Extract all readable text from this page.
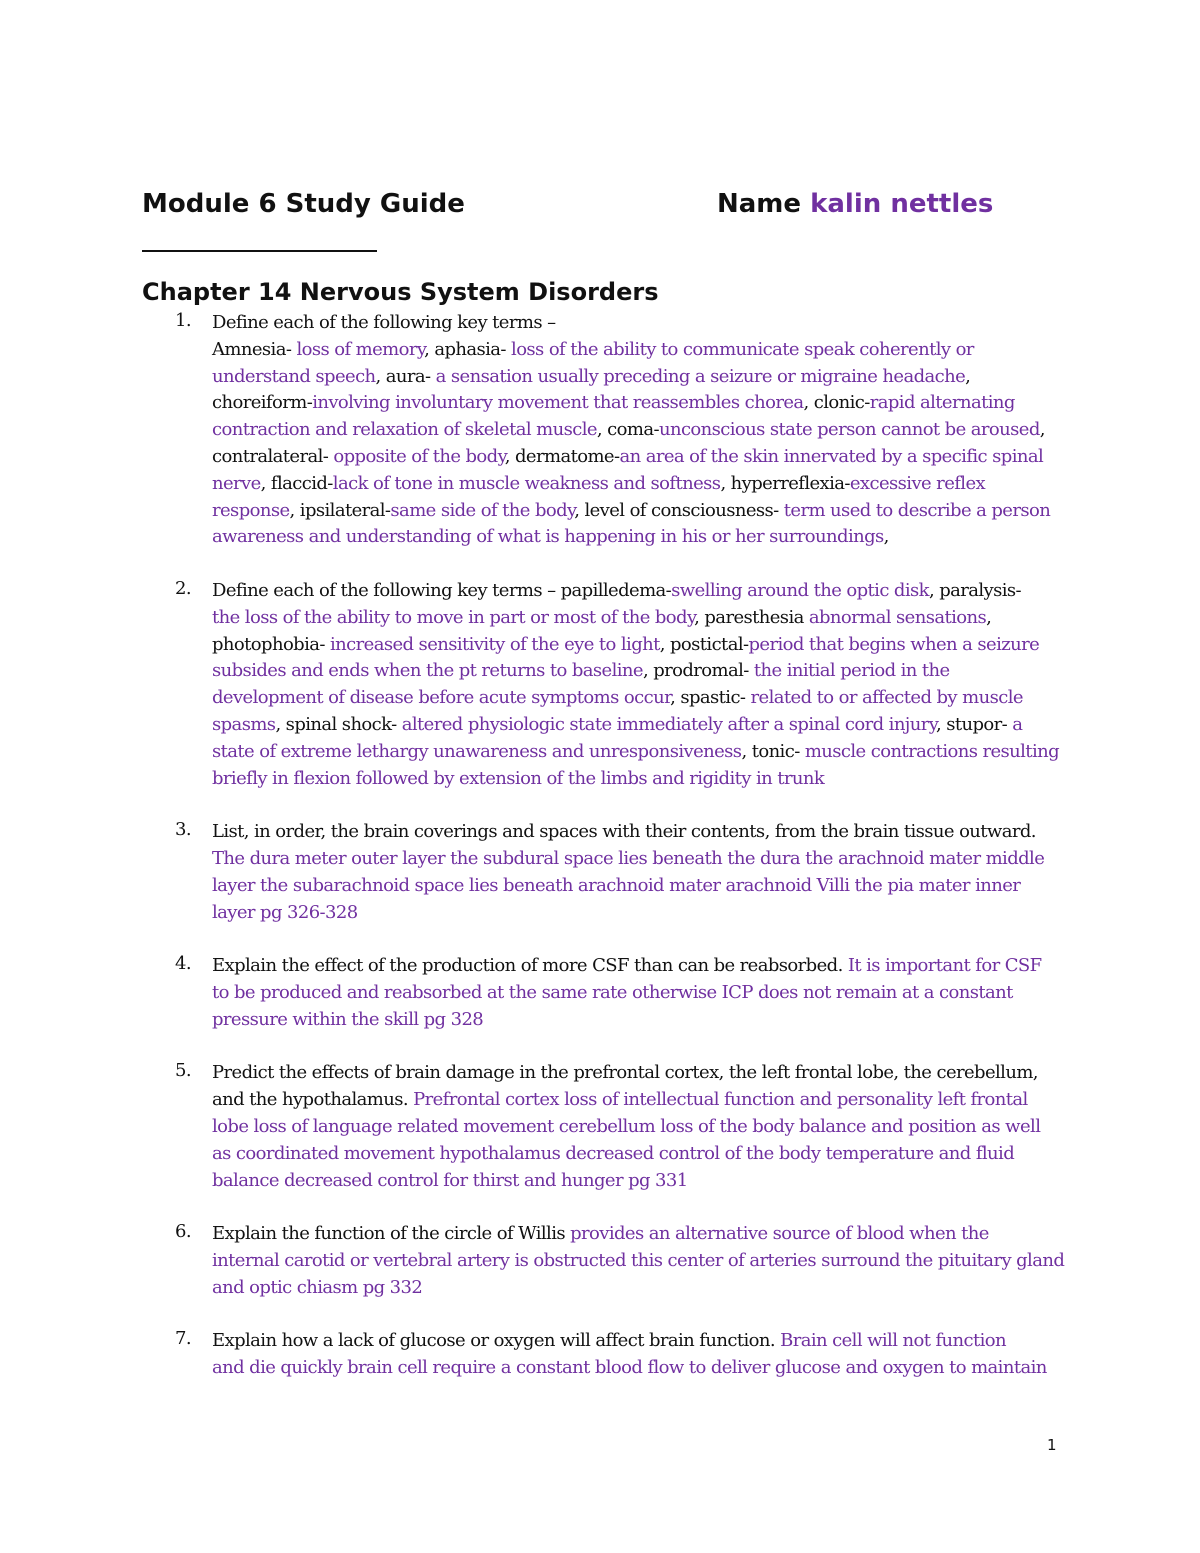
Module 6 Study Guide	Name kalin nettles
Chapter 14 Nervous System Disorders
1. Define each of the following key terms –
Amnesia- loss of memory, aphasia- loss of the ability to communicate speak coherently or
understand speech, aura- a sensation usually preceding a seizure or migraine headache,
choreiform-involving involuntary movement that reassembles chorea, clonic-rapid alternating
contraction and relaxation of skeletal muscle, coma-unconscious state person cannot be aroused,
contralateral- opposite of the body, dermatome-an area of the skin innervated by a specific spinal
nerve, flaccid-lack of tone in muscle weakness and softness, hyperreflexia-excessive reflex
response, ipsilateral-same side of the body, level of consciousness- term used to describe a person
awareness and understanding of what is happening in his or her surroundings,
2. Define each of the following key terms – papilledema-swelling around the optic disk, paralysis-
the loss of the ability to move in part or most of the body, paresthesia abnormal sensations,
photophobia- increased sensitivity of the eye to light, postictal-period that begins when a seizure
subsides and ends when the pt returns to baseline, prodromal- the initial period in the
development of disease before acute symptoms occur, spastic- related to or affected by muscle
spasms, spinal shock- altered physiologic state immediately after a spinal cord injury, stupor- a
state of extreme lethargy unawareness and unresponsiveness, tonic- muscle contractions resulting
briefly in flexion followed by extension of the limbs and rigidity in trunk
3. List, in order, the brain coverings and spaces with their contents, from the brain tissue outward.
The dura meter outer layer the subdural space lies beneath the dura the arachnoid mater middle
layer the subarachnoid space lies beneath arachnoid mater arachnoid Villi the pia mater inner
layer pg 326-328
4. Explain the effect of the production of more CSF than can be reabsorbed. It is important for CSF
to be produced and reabsorbed at the same rate otherwise ICP does not remain at a constant
pressure within the skill pg 328
5. Predict the effects of brain damage in the prefrontal cortex, the left frontal lobe, the cerebellum,
and the hypothalamus. Prefrontal cortex loss of intellectual function and personality left frontal
lobe loss of language related movement cerebellum loss of the body balance and position as well
as coordinated movement hypothalamus decreased control of the body temperature and fluid
balance decreased control for thirst and hunger pg 331
6. Explain the function of the circle of Willis provides an alternative source of blood when the
internal carotid or vertebral artery is obstructed this center of arteries surround the pituitary gland
and optic chiasm pg 332
7. Explain how a lack of glucose or oxygen will affect brain function. Brain cell will not function
and die quickly brain cell require a constant blood flow to deliver glucose and oxygen to maintain
1
